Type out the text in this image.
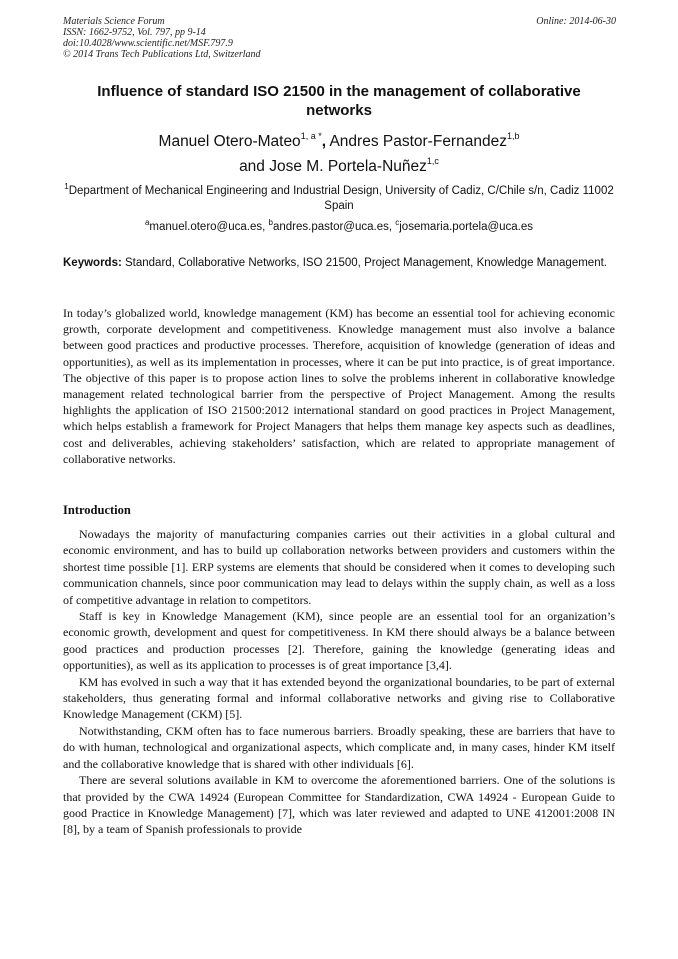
Materials Science Forum
ISSN: 1662-9752, Vol. 797, pp 9-14
doi:10.4028/www.scientific.net/MSF.797.9
© 2014 Trans Tech Publications Ltd, Switzerland
Online: 2014-06-30
Influence of standard ISO 21500 in the management of collaborative networks
Manuel Otero-Mateo$^{1, a *}$, Andres Pastor-Fernandez$^{1,b}$
and Jose M. Portela-Nuñez$^{1,c}$
$^1$Department of Mechanical Engineering and Industrial Design, University of Cadiz, C/Chile s/n, Cadiz 11002 Spain
$^a$manuel.otero@uca.es, $^b$andres.pastor@uca.es, $^c$josemaria.portela@uca.es
Keywords: Standard, Collaborative Networks, ISO 21500, Project Management, Knowledge Management.

In today’s globalized world, knowledge management (KM) has become an essential tool for achieving economic growth, corporate development and competitiveness. Knowledge management must also involve a balance between good practices and productive processes. Therefore, acquisition of knowledge (generation of ideas and opportunities), as well as its implementation in processes, where it can be put into practice, is of great importance. The objective of this paper is to propose action lines to solve the problems inherent in collaborative knowledge management related technological barrier from the perspective of Project Management. Among the results highlights the application of ISO 21500:2012 international standard on good practices in Project Management, which helps establish a framework for Project Managers that helps them manage key aspects such as deadlines, cost and deliverables, achieving stakeholders’ satisfaction, which are related to appropriate management of collaborative networks.

Introduction

Nowadays the majority of manufacturing companies carries out their activities in a global cultural and economic environment, and has to build up collaboration networks between providers and customers within the shortest time possible [1]. ERP systems are elements that should be considered when it comes to developing such communication channels, since poor communication may lead to delays within the supply chain, as well as a loss of competitive advantage in relation to competitors.

Staff is key in Knowledge Management (KM), since people are an essential tool for an organization’s economic growth, development and quest for competitiveness. In KM there should always be a balance between good practices and production processes [2]. Therefore, gaining the knowledge (generating ideas and opportunities), as well as its application to processes is of great importance [3,4].

KM has evolved in such a way that it has extended beyond the organizational boundaries, to be part of external stakeholders, thus generating formal and informal collaborative networks and giving rise to Collaborative Knowledge Management (CKM) [5].

Notwithstanding, CKM often has to face numerous barriers. Broadly speaking, these are barriers that have to do with human, technological and organizational aspects, which complicate and, in many cases, hinder KM itself and the collaborative knowledge that is shared with other individuals [6].

There are several solutions available in KM to overcome the aforementioned barriers. One of the solutions is that provided by the CWA 14924 (European Committee for Standardization, CWA 14924 - European Guide to good Practice in Knowledge Management) [7], which was later reviewed and adapted to UNE 412001:2008 IN [8], by a team of Spanish professionals to provide
